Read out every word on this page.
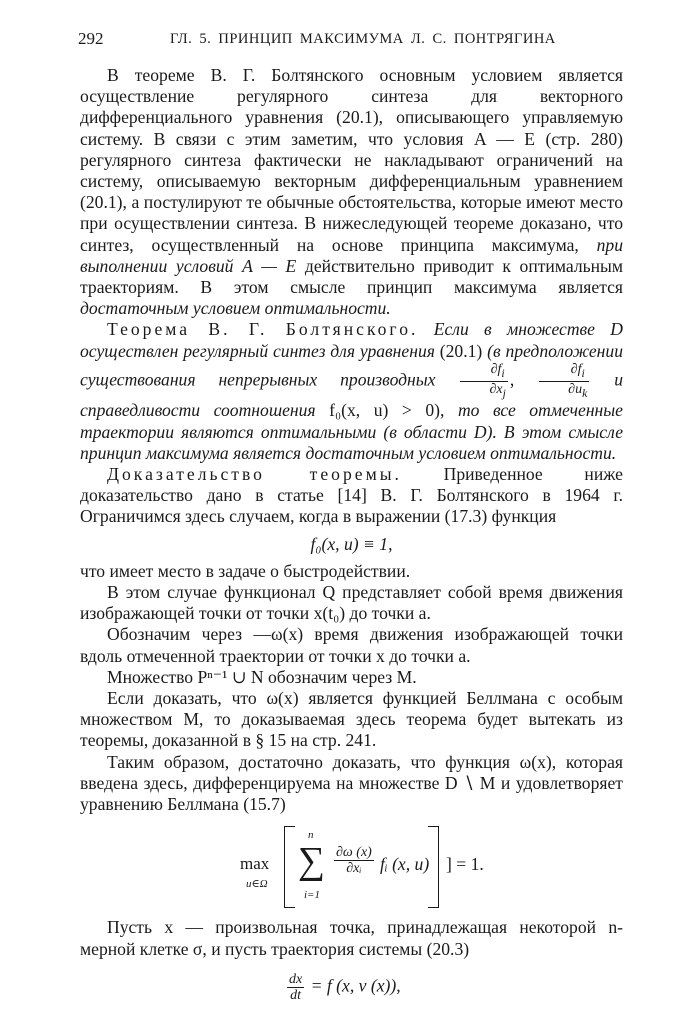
292	ГЛ. 5. ПРИНЦИП МАКСИМУМА Л. С. ПОНТРЯГИНА

В теореме В. Г. Болтянского основным условием является осуществление регулярного синтеза для векторного дифференциального уравнения (20.1), описывающего управляемую систему. В связи с этим заметим, что условия A — E (стр. 280) регулярного синтеза фактически не накладывают ограничений на систему, описываемую векторным дифференциальным уравнением (20.1), а постулируют те обычные обстоятельства, которые имеют место при осуществлении синтеза. В нижеследующей теореме доказано, что синтез, осуществленный на основе принципа максимума, при выполнении условий A — E действительно приводит к оптимальным траекториям. В этом смысле принцип максимума является достаточным условием оптимальности.

Теорема В. Г. Болтянского. Если в множестве D осуществлен регулярный синтез для уравнения (20.1) (в предположении существования непрерывных производных $\frac{\partial f_i}{\partial x_j}$ , $\frac{\partial f_i}{\partial u_k}$ и справедливости соотношения f₀(x, u) > 0), то все отмеченные траектории являются оптимальными (в области D). В этом смысле принцип максимума является достаточным условием оптимальности.

Доказательство теоремы. Приведенное ниже доказательство дано в статье [14] В. Г. Болтянского в 1964 г. Ограничимся здесь случаем, когда в выражении (17.3) функция

f₀(x, u) ≡ 1,

что имеет место в задаче о быстродействии.

В этом случае функционал Q представляет собой время движения изображающей точки от точки x(t₀) до точки a.

Обозначим через —ω(x) время движения изображающей точки вдоль отмеченной траектории от точки x до точки a.

Множество Pⁿ⁻¹ ∪ N обозначим через M.

Если доказать, что ω(x) является функцией Беллмана с особым множеством M, то доказываемая здесь теорема будет вытекать из теоремы, доказанной в § 15 на стр. 241.

Таким образом, достаточно доказать, что функция ω(x), которая введена здесь, дифференцируема на множестве D ∖ M и удовлетворяет уравнению Беллмана (15.7)

max
u∈Ω
n
∑
i=1
$\frac{\partial\omega (x)}{\text{∂xᵢ}}$ fᵢ (x, u) ] = 1.

Пусть x — произвольная точка, принадлежащая некоторой n-мерной клетке σ, и пусть траектория системы (20.3)

$\frac{dx}{dt} = f$ (x, v (x)),
